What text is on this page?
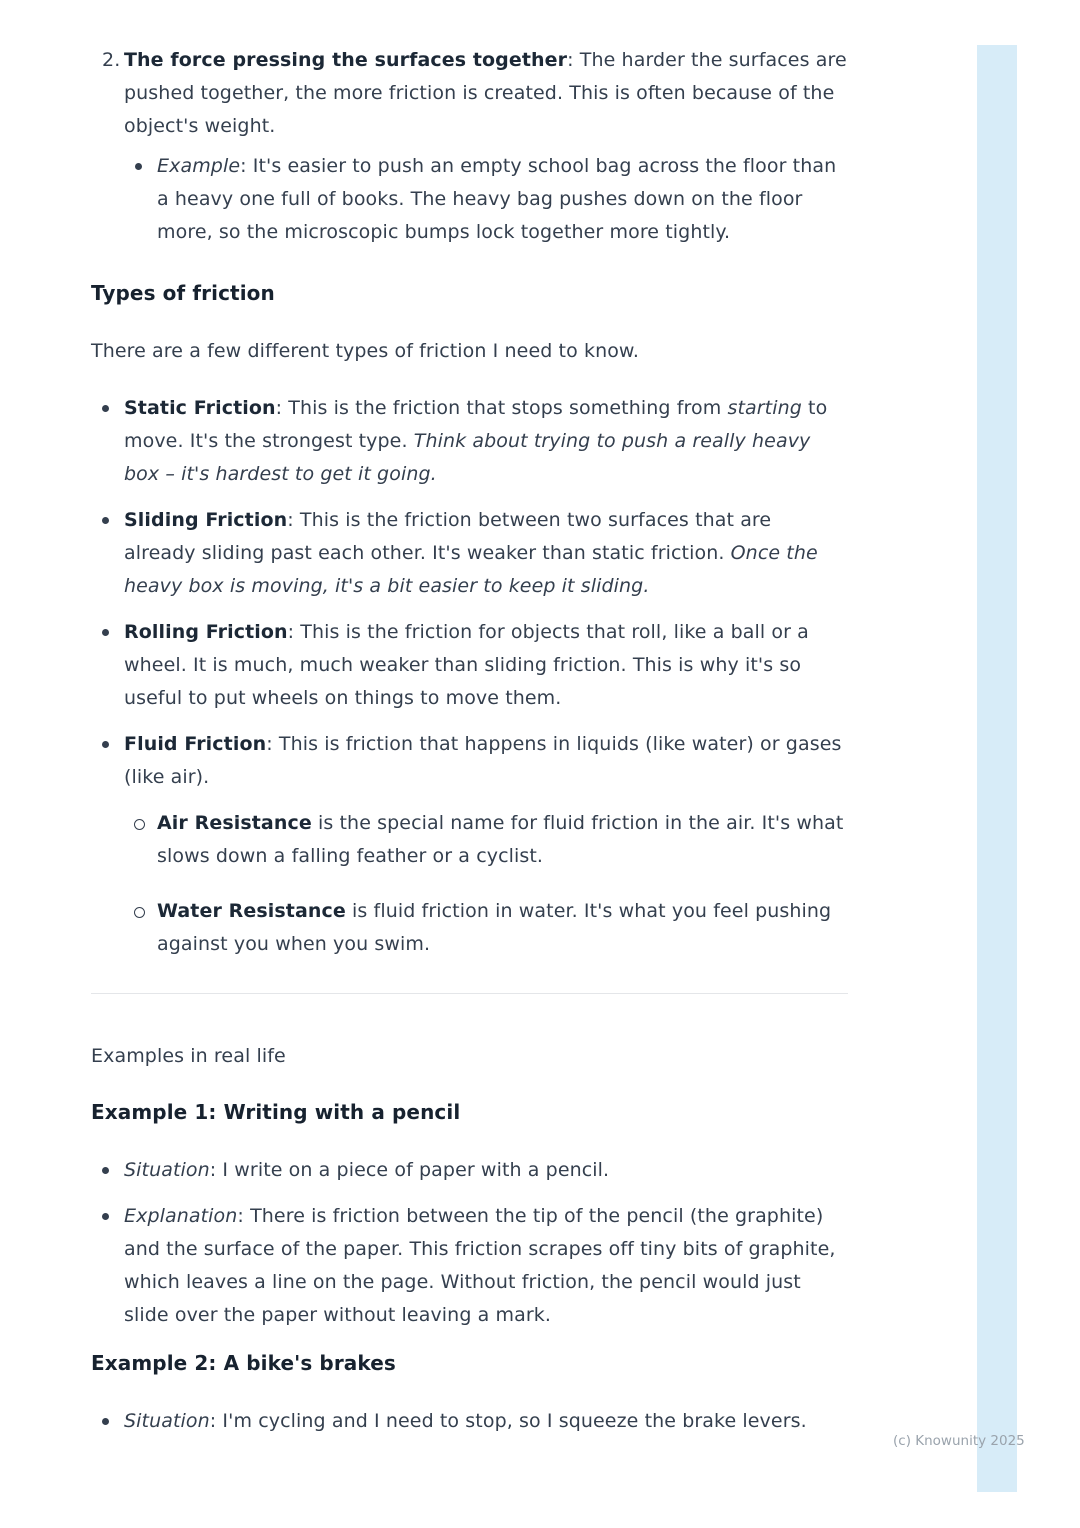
2. The force pressing the surfaces together: The harder the surfaces are pushed together, the more friction is created. This is often because of the object's weight.

Example: It's easier to push an empty school bag across the floor than a heavy one full of books. The heavy bag pushes down on the floor more, so the microscopic bumps lock together more tightly.
Types of friction

There are a few different types of friction I need to know.

Static Friction: This is the friction that stops something from starting to move. It's the strongest type. Think about trying to push a really heavy box – it's hardest to get it going.
Sliding Friction: This is the friction between two surfaces that are already sliding past each other. It's weaker than static friction. Once the heavy box is moving, it's a bit easier to keep it sliding.
Rolling Friction: This is the friction for objects that roll, like a ball or a wheel. It is much, much weaker than sliding friction. This is why it's so useful to put wheels on things to move them.
Fluid Friction: This is friction that happens in liquids (like water) or gases (like air).
Air Resistance is the special name for fluid friction in the air. It's what slows down a falling feather or a cyclist.
Water Resistance is fluid friction in water. It's what you feel pushing against you when you swim.

Examples in real life

Example 1: Writing with a pencil
Situation: I write on a piece of paper with a pencil.
Explanation: There is friction between the tip of the pencil (the graphite) and the surface of the paper. This friction scrapes off tiny bits of graphite, which leaves a line on the page. Without friction, the pencil would just slide over the paper without leaving a mark.
Example 2: A bike's brakes
Situation: I'm cycling and I need to stop, so I squeeze the brake levers.
(c) Knowunity 2025
